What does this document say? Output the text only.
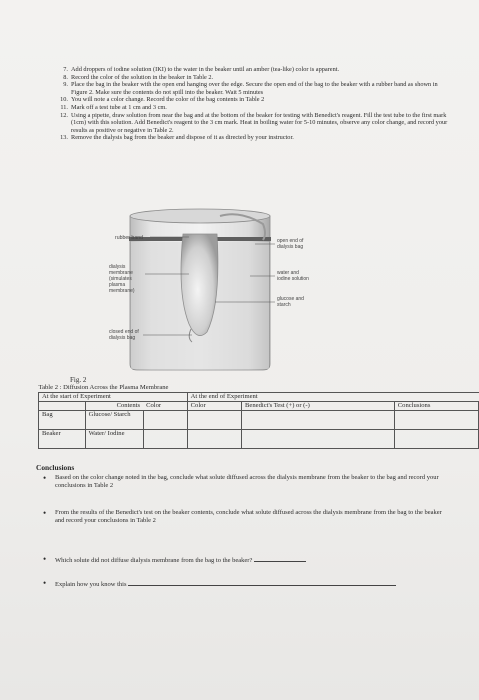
7. Add droppers of iodine solution (IKI) to the water in the beaker until an amber (tea-like) color is apparent.
8. Record the color of the solution in the beaker in Table 2.
9. Place the bag in the beaker with the open end hanging over the edge. Secure the open end of the bag to the beaker with a rubber band as shown in Figure 2. Make sure the contents do not spill into the beaker. Wait 5 minutes
10. You will note a color change. Record the color of the bag contents in Table 2
11. Mark off a test tube at 1 cm and 3 cm.
12. Using a pipette, draw solution from near the bag and at the bottom of the beaker for testing with Benedict's reagent. Fill the test tube to the first mark (1cm) with this solution. Add Benedict's reagent to the 3 cm mark. Heat in boiling water for 5-10 minutes, observe any color change, and record your results as positive or negative in Table 2.
13. Remove the dialysis bag from the beaker and dispose of it as directed by your instructor.
rubber band
dialysis membrane (simulates plasma membrane)
closed end of dialysis bag
open end of dialysis bag
water and iodine solution
glucose and starch
Fig. 2
Table 2 : Diffusion Across the Plasma Membrane					
At the start of Experiment			At the end of Experiment		
	Contents	Color	Color	Benedict's Test (+) or (-)	Conclusions
Bag	Glucose/ Starch				
Beaker	Water/ Iodine				
Conclusions
• Based on the color change noted in the bag, conclude what solute diffused across the dialysis membrane from the beaker to the bag and record your conclusions in Table 2
• From the results of the Benedict's test on the beaker contents, conclude what solute diffused across the dialysis membrane from the bag to the beaker and record your conclusions in Table 2
• Which solute did not diffuse dialysis membrane from the bag to the beaker?
• Explain how you know this
